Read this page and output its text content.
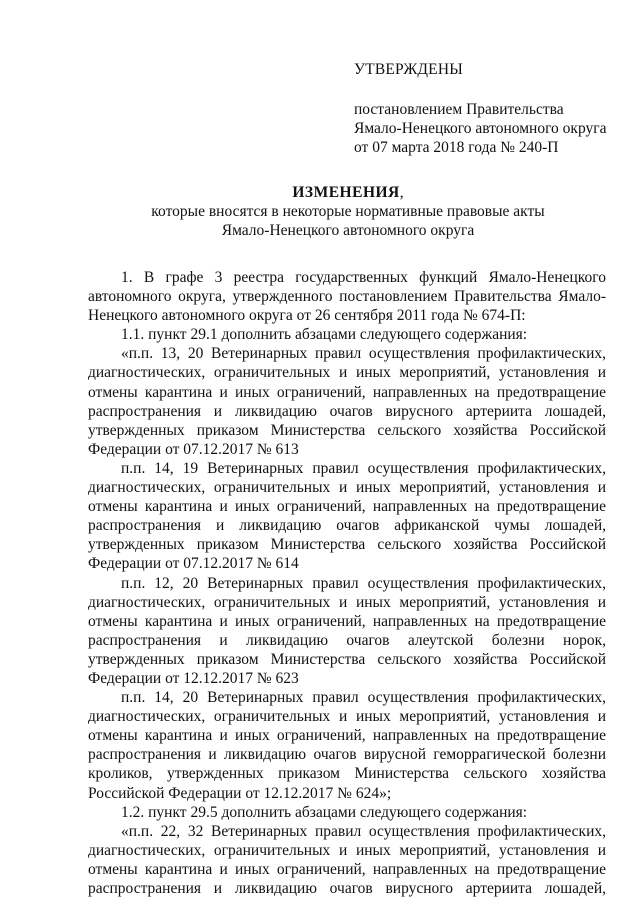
УТВЕРЖДЕНЫ

постановлением Правительства

Ямало-Ненецкого автономного округа

от 07 марта 2018 года № 240-П

ИЗМЕНЕНИЯ,
которые вносятся в некоторые нормативные правовые акты
Ямало-Ненецкого автономного округа

1. В графе 3 реестра государственных функций Ямало-Ненецкого автономного округа, утвержденного постановлением Правительства Ямало-Ненецкого автономного округа от 26 сентября 2011 года № 674-П:

1.1. пункт 29.1 дополнить абзацами следующего содержания:

«п.п. 13, 20 Ветеринарных правил осуществления профилактических, диагностических, ограничительных и иных мероприятий, установления и отмены карантина и иных ограничений, направленных на предотвращение распространения и ликвидацию очагов вирусного артериита лошадей, утвержденных приказом Министерства сельского хозяйства Российской Федерации от 07.12.2017 № 613

п.п. 14, 19 Ветеринарных правил осуществления профилактических, диагностических, ограничительных и иных мероприятий, установления и отмены карантина и иных ограничений, направленных на предотвращение распространения и ликвидацию очагов африканской чумы лошадей, утвержденных приказом Министерства сельского хозяйства Российской Федерации от 07.12.2017 № 614

п.п. 12, 20 Ветеринарных правил осуществления профилактических, диагностических, ограничительных и иных мероприятий, установления и отмены карантина и иных ограничений, направленных на предотвращение распространения и ликвидацию очагов алеутской болезни норок, утвержденных приказом Министерства сельского хозяйства Российской Федерации от 12.12.2017 № 623

п.п. 14, 20 Ветеринарных правил осуществления профилактических, диагностических, ограничительных и иных мероприятий, установления и отмены карантина и иных ограничений, направленных на предотвращение распространения и ликвидацию очагов вирусной геморрагической болезни кроликов, утвержденных приказом Министерства сельского хозяйства Российской Федерации от 12.12.2017 № 624»;

1.2. пункт 29.5 дополнить абзацами следующего содержания:

«п.п. 22, 32 Ветеринарных правил осуществления профилактических, диагностических, ограничительных и иных мероприятий, установления и отмены карантина и иных ограничений, направленных на предотвращение распространения и ликвидацию очагов вирусного артериита лошадей,
